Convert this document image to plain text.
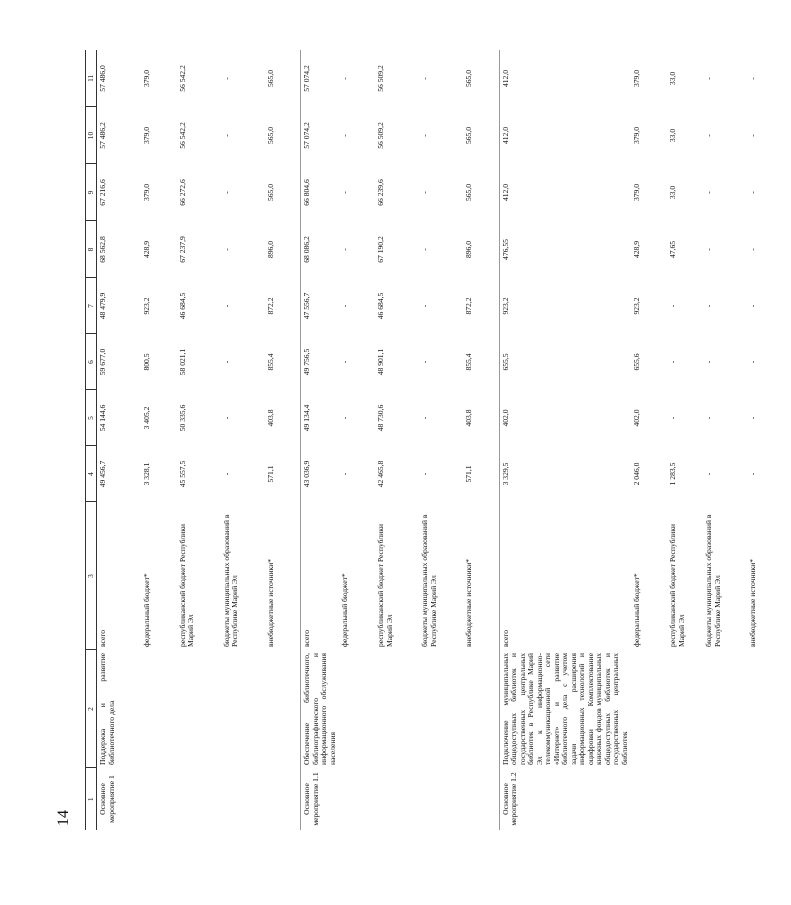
14
1	2	3	4	5	6	7	8	9	10	11
Основное мероприятие 1	Поддержка и развитие библиотечного дела	всего	49 456,7	54 144,6	59 677,0	48 479,9	68 562,8	67 216,6	57 486,2	57 486,0
		федеральный бюджет*	3 328,1	3 405,2	800,5	923,2	428,9	379,0	379,0	379,0
		республиканский бюджет Республики Марий Эл	45 557,5	50 335,6	58 021,1	46 684,5	67 237,9	66 272,6	56 542,2	56 542,2
		бюджеты муниципальных образований в Республике Марий Эл	-	-	-	-	-	-	-	-
		внебюджетные источники*	571,1	403,8	855,4	872,2	896,0	565,0	565,0	565,0
Основное мероприятие 1.1	Обеспечение библиотечного, библиографического и информационного обслуживания населения	всего	43 036,9	49 134,4	49 756,5	47 556,7	68 086,2	66 804,6	57 074,2	57 074,2
		федеральный бюджет*	-	-	-	-	-	-	-	-
		республиканский бюджет Республики Марий Эл	42 465,8	48 730,6	48 901,1	46 684,5	67 190,2	66 239,6	56 509,2	56 509,2
		бюджеты муниципальных образований в Республике Марий Эл	-	-	-	-	-	-	-	-
		внебюджетные источники*	571,1	403,8	855,4	872,2	896,0	565,0	565,0	565,0
Основное мероприятие 1.2	Подключение муниципальных общедоступных библиотек и государственных центральных библиотек в Республике Марий Эл к информационно-телекоммуникационной сети «Интернет» и развитие библиотечного дела с учетом задачи расширения информационных технологий и оцифровки Комплектование книжных фондов муниципальных общедоступных библиотек и государственных центральных библиотек	всего	3 329,5	402,0	655,5	923,2	476,55	412,0	412,0	412,0
		федеральный бюджет*	2 046,0	402,0	655,6	923,2	428,9	379,0	379,0	379,0
		республиканский бюджет Республики Марий Эл	1 283,5	-	-	-	47,65	33,0	33,0	33,0
		бюджеты муниципальных образований в Республике Марий Эл	-	-	-	-	-	-	-	-
		внебюджетные источники*	-	-	-	-	-	-	-	-
